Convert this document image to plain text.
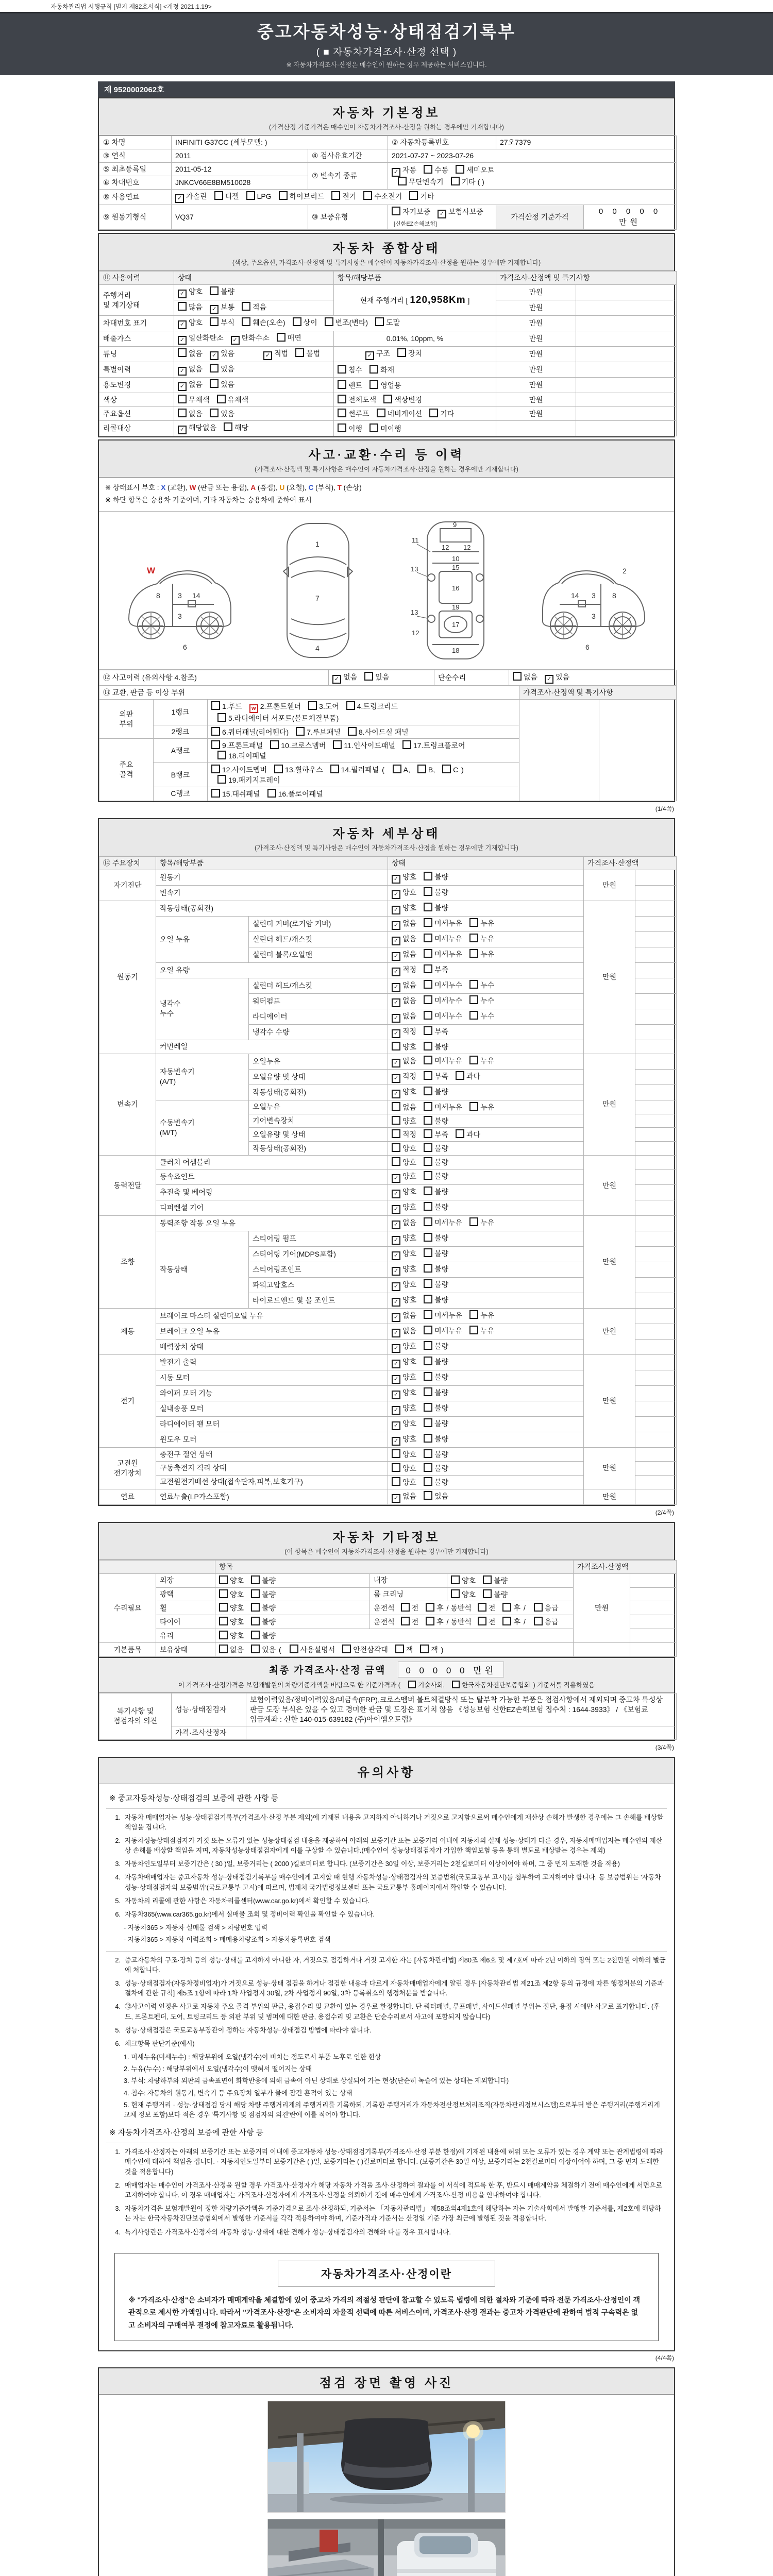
자동차관리법 시행규칙 [별지 제82호서식] <개정 2021.1.19>
중고자동차성능·상태점검기록부
( ■ 자동차가격조사·산정 선택 )
※ 자동차가격조사·산정은 매수인이 원하는 경우 제공하는 서비스입니다.
제 9520002062호
자동차 기본정보
(가격산정 기준가격은 매수인이 자동차가격조사·산정을 원하는 경우에만 기재합니다)
① 차명	INFINITI G37CC (세부모델: )		② 자동차등록번호	27오7379	
③ 연식	2011	④ 검사유효기간	2021-07-27 ~ 2023-07-26		
⑤ 최초등록일	2011-05-12	⑦ 변속기 종류	✓ 자동 수동 세미오토
무단변속기 기타 ( )		
⑥ 차대번호	JNKCV66E8BM510028				
⑧ 사용연료	✓ 가솔린 디젤 LPG 하이브리드 전기 수소전기 기타				
⑨ 원동기형식	VQ37	⑩ 보증유형	자기보증 ✓ 보험사보증[신한EZ손해보험]	가격산정 기준가격	0 0 0 0 0 만원
자동차 종합상태
(색상, 주요옵션, 가격조사·산정액 및 특기사항은 매수인이 자동차가격조사·산정을 원하는 경우에만 기재합니다)
⑪ 사용이력	상태	항목/해당부품	가격조사·산정액 및 특기사항	
주행거리
및 계기상태	✓ 양호 불량	현재 주행거리 [ 120,958Km ]	만원	
	많음 ✓ 보통 적음		만원	
차대번호 표기	✓ 양호 부식 훼손(오손) 상이 변조(변타) 도말		만원	
배출가스	✓ 일산화탄소 ✓ 탄화수소 매연	0.01%, 10ppm, %	만원	
튜닝	없음 ✓ 있음 ✓ 적법 불법	✓ 구조 장치	만원	
특별이력	✓ 없음 있음	침수 화재	만원	
용도변경	✓ 없음 있음	렌트 영업용	만원	
색상	무채색 유채색	전체도색 색상변경	만원	
주요옵션	없음 있음	썬루프 네비게이션 기타	만원	
리콜대상	✓ 해당없음 해당	이행 미이행		
사고·교환·수리 등 이력
(가격조사·산정액 및 특기사항은 매수인이 자동차가격조사·산정을 원하는 경우에만 기재합니다)
※ 상태표시 부호 : X (교환), W (판금 또는 용접), A (흠집), U (요철), C (부식), T (손상)
※ 하단 항목은 승용차 기준이며, 기타 자동차는 승용차에 준하여 표시
8 3
3
14
6
W
1
7
4
9
11
13
12 12
10
15
16
19
13
12
17
18
2
3
3
14	8
6
⑫ 사고이력 (유의사항 4.참조)	✓ 없음	있음	단순수리	없음 ✓ 있음
⑬ 교환, 판금 등 이상 부위			가격조사·산정액 및 특기사항	
외판
부위	1랭크	1.후드 w 2.프론트휀더 3.도어 4.트렁크리드
5.라디에이터 서포트(볼트체결부품)		
	2랭크	6.쿼터패널(리어휀다) 7.루브패널 8.사이드실 패널		
주요
골격	A랭크	9.프론트패널 10.크로스멤버 11.인사이드패널 17.트렁크플로어
18.리어패널		
	B랭크	12.사이드멤버 13.휠하우스 14.필러패널 ( A, B, C )
19.패키지트레이		
	C랭크	15.대쉬패널 16.플로어패널		
(1/4쪽)
자동차 세부상태
(가격조사·산정액 및 특기사항은 매수인이 자동차가격조사·산정을 원하는 경우에만 기재합니다)
⑭ 주요장치	항목/해당부품		상태	가격조사·산정액	
자기진단	원동기		✓ 양호 불량	만원	
	변속기		✓ 양호 불량		
원동기	작동상태(공회전)		✓ 양호 불량	만원	
	오일 누유	실린더 커버(로커암 커버)	✓ 없음 미세누유 누유		
		실린더 헤드/개스킷	✓ 없음 미세누유 누유		
		실린더 블록/오일팬	✓ 없음 미세누유 누유		
	오일 유량		✓ 적정 부족		
	냉각수
누수	실린더 헤드/개스킷	✓ 없음 미세누수 누수		
		워터펌프	✓ 없음 미세누수 누수		
		라디에이터	✓ 없음 미세누수 누수		
		냉각수 수량	✓ 적정 부족		
	커먼레일		양호 불량		
변속기	자동변속기
(A/T)	오일누유	✓ 없음 미세누유 누유	만원	
		오일유량 및 상태	✓ 적정 부족 과다		
		작동상태(공회전)	✓ 양호 불량		
	수동변속기
(M/T)	오일누유	없음 미세누유 누유		
		기어변속장치	양호 불량		
		오일유량 및 상태	적정 부족 과다		
		작동상태(공회전)	양호 불량		
동력전달	클러치 어셈블리		양호 불량	만원	
	등속죠인트		✓ 양호 불량		
	추진축 및 베어링		✓ 양호 불량		
	디퍼렌셜 기어		✓ 양호 불량		
조향	동력조향 작동 오일 누유		✓ 없음 미세누유 누유	만원	
	작동상태	스티어링 펌프	✓ 양호 불량		
		스티어링 기어(MDPS포함)	✓ 양호 불량		
		스티어링조인트	✓ 양호 불량		
		파워고압호스	✓ 양호 불량		
		타이로드엔드 및 볼 조인트	✓ 양호 불량		
제동	브레이크 마스터 실린더오일 누유		✓ 없음 미세누유 누유	만원	
	브레이크 오일 누유		✓ 없음 미세누유 누유		
	배력장치 상태		✓ 양호 불량		
전기	발전기 출력		✓ 양호 불량	만원	
	시동 모터		✓ 양호 불량		
	와이퍼 모터 기능		✓ 양호 불량		
	실내송풍 모터		✓ 양호 불량		
	라디에이터 팬 모터		✓ 양호 불량		
	윈도우 모터		✓ 양호 불량		
고전원
전기장치	충전구 절연 상태		양호 불량	만원	
	구동축전지 격리 상태		양호 불량		
	고전원전기배선 상태(접속단자,피복,보호기구)		양호 불량		
연료	연료누출(LP가스포함)		✓ 없음 있음	만원	
(2/4쪽)
자동차 기타정보
(이 항목은 매수인이 자동차가격조사·산정을 원하는 경우에만 기재합니다)
		항목			가격조사·산정액	
수리필요	외장	양호 불량	내장	양호 불량	만원	
	광택	양호 불량	룸 크리닝	양호 불량		
	휠	양호 불량	운전석 전 후 / 동반석 전 후 / 응급			
	타이어	양호 불량	운전석 전 후 / 동반석 전 후 / 응급			
	유리	양호 불량				
기본품목	보유상태	없음 있음 ( 사용설명서 안전삼각대 잭 잭 )				
최종 가격조사·산정 금액 0 0 0 0 0 만원
이 가격조사·산정가격은 보험개발원의 차량기준가액을 바탕으로 한 기준가격과 ( 기술사회,	한국자동차진단보증협회 ) 기준서를 적용하였음
특기사항 및
점검자의 의견	성능·상태점검자	보험이력있음/정비이력있음/비금속(FRP),크로스멤버 볼트체결방식 또는 탈부착 가능한 부품은 점검사항에서 제외되며 중고차 특성상 판금 도장 부식은 있을 수 있고 경미한 판금 및 도장은 표기치 않음 《성능보험 신한EZ손해보험 접수처 : 1644-3933》 / 《보험료 입금계좌 : 신한 140-015-639182 (주)아이엠오토랩》
	가격·조사산정자	
(3/4쪽)
유의사항
※ 중고자동차성능·상태점검의 보증에 관한 사항 등
1. 자동차 매매업자는 성능·상태점검기록부(가격조사·산정 부분 제외)에 기재된 내용을 고지하지 아니하거나 거짓으로 고지함으로써 매수인에게 재산상 손해가 발생한 경우에는 그 손해를 배상할 책임을 집니다.
2. 자동차성능상태점검자가 거짓 또는 오류가 있는 성능상태점검 내용을 제공하여 아래의 보증기간 또는 보증거리 이내에 자동차의 실제 성능·상태가 다른 경우, 자동차매매업자는 매수인의 재산상 손해를 배상할 책임을 지며, 자동차성능상태점검자에게 이를 구상할 수 있습니다.(매수인이 성능상태점검자가 가입한 책임보험 등을 통해 별도로 배상받는 경우는 제외)
3. 자동차인도일부터 보증기간은 ( 30 )일, 보증거리는 ( 2000 )킬로미터로 합니다. (보증기간은 30일 이상, 보증거리는 2천킬로미터 이상이어야 하며, 그 중 먼저 도래한 것을 적용)
4. 자동차매매업자는 중고자동차 성능·상태점검기록부를 매수인에게 고지할 때 현행 자동차성능·상태점검자의 보증범위(국토교통부 고시)를 첨부하여 고지하여야 합니다. 동 보증범위는 '자동차성능·상태점검자의 보증범위'(국토교통부 고시)에 따르며, 법제처 국가법령정보센터 또는 국토교통부 홈페이지에서 확인할 수 있습니다.
5. 자동차의 리콜에 관한 사항은 자동차리콜센터(www.car.go.kr)에서 확인할 수 있습니다.
6. 자동차365(www.car365.go.kr)에서 실매물 조회 및 정비이력 확인을 확인할 수 있습니다.
- 자동차365 > 자동차 실매물 검색 > 차량번호 입력
- 자동차365 > 자동차 이력조회 > 매매용차량조회 > 자동차등록번호 검색
2. 중고자동차의 구조·장치 등의 성능·상태를 고지하지 아니한 자, 거짓으로 점검하거나 거짓 고지한 자는 [자동차관리법] 제80조 제6호 및 제7호에 따라 2년 이하의 징역 또는 2천만원 이하의 벌금에 처합니다.
3. 성능·상태점검자(자동차정비업자)가 거짓으로 성능·상태 점검을 하거나 점검한 내용과 다르게 자동차매매업자에게 알린 경우 [자동차관리법 제21조 제2항 등의 규정에 따른 행정처분의 기준과 절차에 관한 규칙] 제5조 1항에 따라 1차 사업정지 30일, 2차 사업정지 90일, 3차 등록취소의 행정처분을 받습니다.
4. ⑫사고이력 인정은 사고로 자동차 주요 골격 부위의 판금, 용접수리 및 교환이 있는 경우로 한정합니다. 단 쿼터패널, 루프패널, 사이드실패널 부위는 절단, 용접 시에만 사고로 표기합니다. (후드, 프론트펜더, 도어, 트렁크리드 등 외판 부위 및 범퍼에 대한 판금, 용접수리 및 교환은 단순수리로서 사고에 포함되지 않습니다)
5. 성능·상태점검은 국토교통부장관이 정하는 자동차성능·상태점검 방법에 따라야 합니다.
6. 체크항목 판단기준(예시)
1. 미세누유(미세누수) : 해당부위에 오일(냉각수)이 비치는 정도로서 부품 노후로 인한 현상
2. 누유(누수) : 해당부위에서 오일(냉각수)이 맺혀서 떨어지는 상태
3. 부식: 차량하부와 외판의 금속표면이 화학반응에 의해 금속이 아닌 상태로 상실되어 가는 현상(단순히 녹슬어 있는 상태는 제외합니다)
4. 침수: 자동차의 원동기, 변속기 등 주요장치 일부가 물에 잠긴 흔적이 있는 상태
5. 현재 주행거리 · 성능·상태점검 당시 해당 차량 주행거리계의 주행거리를 기록하되, 기록한 주행거리가 자동차전산정보처리조직(자동차관리정보시스템)으로부터 받은 주행거리(주행거리계 교체 정보 포함)보다 적은 경우 '특기사항 및 점검자의 의견'란에 이를 적어야 합니다.
※ 자동차가격조사·산정의 보증에 관한 사항 등
1. 가격조사·산정자는 아래의 보증기간 또는 보증거리 이내에 중고자동차 성능·상태점검기록부(가격조사·산정 부분 한정)에 기재된 내용에 허위 또는 오류가 있는 경우 계약 또는 관계법령에 따라 매수인에 대하여 책임을 집니다. · 자동차인도일부터 보증기간은 ( )일, 보증거리는 ( )킬로미터로 합니다. (보증기간은 30일 이상, 보증거리는 2천킬로미터 이상이어야 하며, 그 중 먼저 도래한 것을 적용합니다)
2. 매매업자는 매수인이 가격조사·산정을 원할 경우 가격조사·산정자가 해당 자동차 가격을 조사·산정하여 결과를 이 서식에 적도록 한 후, 반드시 매매계약을 체결하기 전에 매수인에게 서면으로 고지하여야 합니다. 이 경우 매매업자는 가격조사·산정자에게 가격조사·산정을 의뢰하기 전에 매수인에게 가격조사·산정 비용을 안내하여야 합니다.
3. 자동차가격은 보험개발원이 정한 차량기준가액을 기준가격으로 조사·산정하되, 기준서는 「자동차관리법」 제58조의4제1호에 해당하는 자는 기술사회에서 발행한 기준서를, 제2호에 해당하는 자는 한국자동차진단보증협회에서 발행한 기준서를 각각 적용하여야 하며, 기준가격과 기준서는 산정일 기준 가장 최근에 발행된 것을 적용합니다.
4. 특기사항란은 가격조사·산정자의 자동차 성능·상태에 대한 견해가 성능·상태점검자의 견해와 다를 경우 표시합니다.
자동차가격조사·산정이란
※ "가격조사·산정"은 소비자가 매매계약을 체결함에 있어 중고차 가격의 적절성 판단에 참고할 수 있도록 법령에 의한 절차와 기준에 따라 전문 가격조사·산정인이 객관적으로 제시한 가액입니다. 따라서 "가격조사·산정"은 소비자의 자율적 선택에 따른 서비스이며, 가격조사·산정 결과는 중고차 가격판단에 관하여 법적 구속력은 없고 소비자의 구매여부 결정에 참고자료로 활용됩니다.
(4/4쪽)
점검 장면 촬영 사진
